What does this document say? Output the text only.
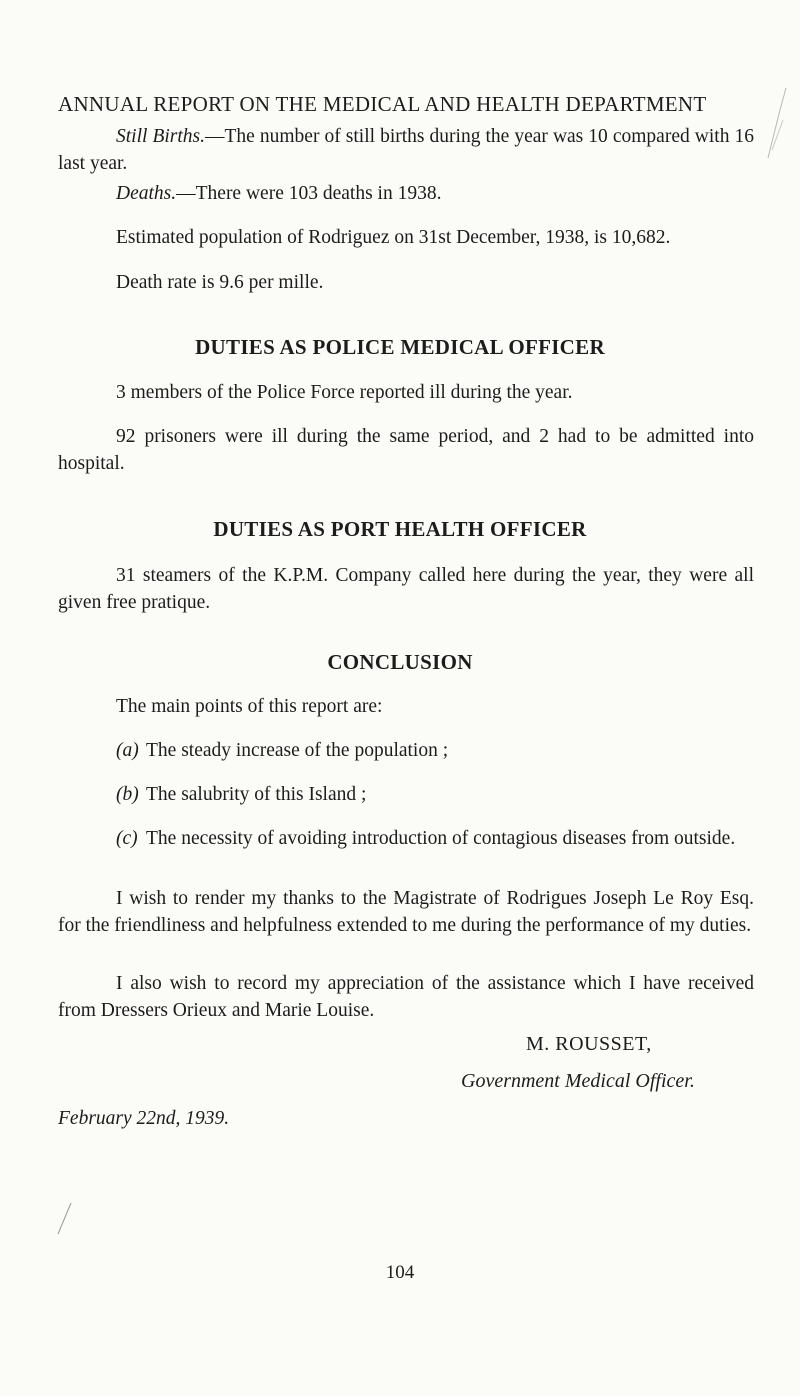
ANNUAL REPORT ON THE MEDICAL AND HEALTH DEPARTMENT

Still Births.—The number of still births during the year was 10 compared with 16 last year.

Deaths.—There were 103 deaths in 1938.

Estimated population of Rodriguez on 31st December, 1938, is 10,682.

Death rate is 9.6 per mille.

DUTIES AS POLICE MEDICAL OFFICER

3 members of the Police Force reported ill during the year.

92 prisoners were ill during the same period, and 2 had to be admitted into hospital.

DUTIES AS PORT HEALTH OFFICER

31 steamers of the K.P.M. Company called here during the year, they were all given free pratique.

CONCLUSION

The main points of this report are:

(a) The steady increase of the population ;

(b) The salubrity of this Island ;

(c) The necessity of avoiding introduction of contagious diseases from outside.

I wish to render my thanks to the Magistrate of Rodrigues Joseph Le Roy Esq. for the friendliness and helpfulness extended to me during the performance of my duties.

I also wish to record my appreciation of the assistance which I have received from Dressers Orieux and Marie Louise.

M. ROUSSET,
Government Medical Officer.
February 22nd, 1939.
104
